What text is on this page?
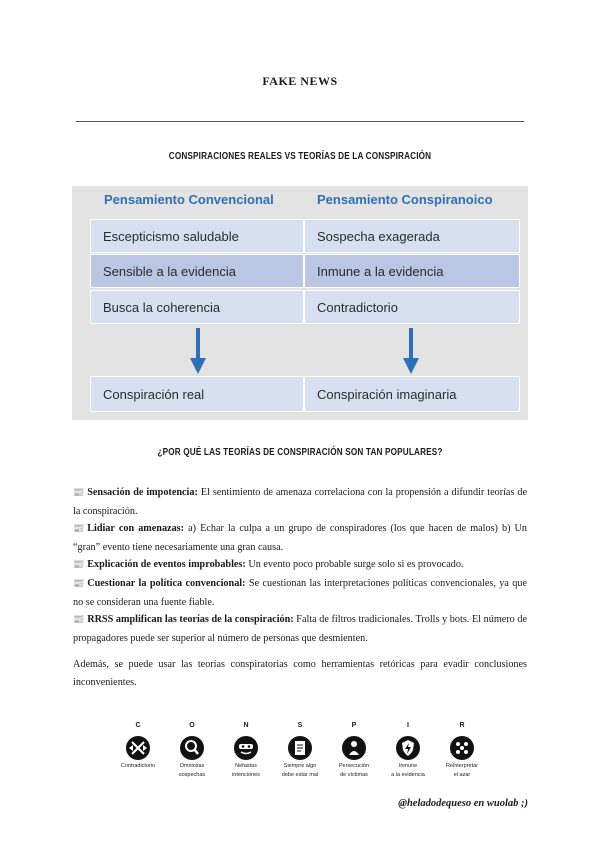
FAKE NEWS
CONSPIRACIONES REALES VS TEORÍAS DE LA CONSPIRACIÓN
Pensamiento Convencional	Pensamiento Conspiranoico
Escepticismo saludable	Sospecha exagerada
Sensible a la evidencia	Inmune a la evidencia
Busca la coherencia	Contradictorio
Conspiración real	Conspiración imaginaria
¿POR QUÉ LAS TEORÍAS DE CONSPIRACIÓN SON TAN POPULARES?
📰 Sensación de impotencia: El sentimiento de amenaza correlaciona con la propensión a difundir teorías de la conspiración.
📰 Lidiar con amenazas: a) Echar la culpa a un grupo de conspiradores (los que hacen de malos) b) Un “gran” evento tiene necesariamente una gran causa.
📰 Explicación de eventos improbables: Un evento poco probable surge solo si es provocado.
📰 Cuestionar la política convencional: Se cuestionan las interpretaciones políticas convencionales, ya que no se consideran una fuente fiable.
📰 RRSS amplifican las teorías de la conspiración: Falta de filtros tradicionales. Trolls y bots. El número de propagadores puede ser superior al número de personas que desmienten.
Además, se puede usar las teorías conspiratorias como herramientas retóricas para evadir conclusiones inconvenientes.
C
Contradictorio
O
Omniosas
sospechas
N
Nefastas
intenciones
S
Siempre algo
debe estar mal
P
Persecución
de víctimas
I
Inmune
a la evidencia
R
Reinterpretar
el azar
@heladodequeso en wuolab ;)
